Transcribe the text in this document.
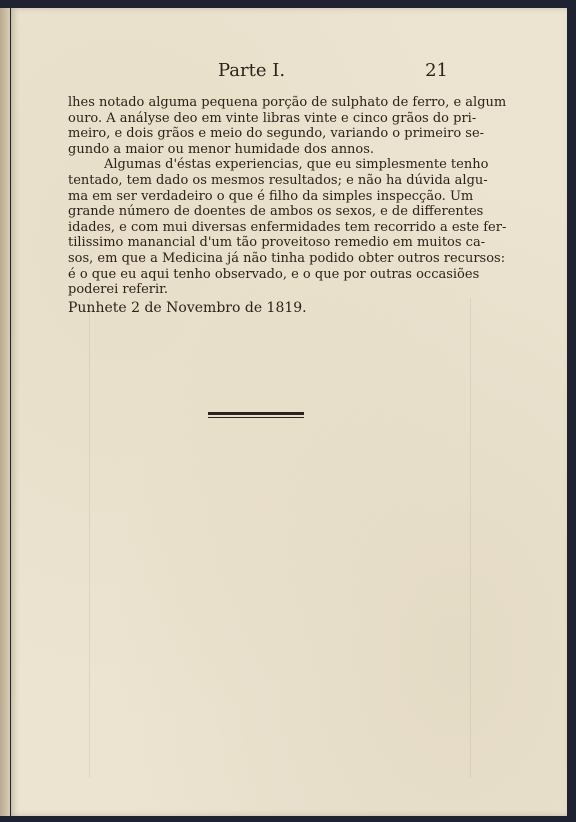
Parte I.	21
lhes notado alguma pequena porção de sulphato de ferro, e algum
ouro. A anályse deo em vinte libras vinte e cinco grãos do pri-
meiro, e dois grãos e meio do segundo, variando o primeiro se-
gundo a maior ou menor humidade dos annos.
Algumas d'éstas experiencias, que eu simplesmente tenho
tentado, tem dado os mesmos resultados; e não ha dúvida algu-
ma em ser verdadeiro o que é filho da simples inspecção. Um
grande número de doentes de ambos os sexos, e de differentes
idades, e com mui diversas enfermidades tem recorrido a este fer-
tilissimo manancial d'um tão proveitoso remedio em muitos ca-
sos, em que a Medicina já não tinha podido obter outros recursos:
é o que eu aqui tenho observado, e o que por outras occasiões
poderei referir.
Punhete 2 de Novembro de 1819.
